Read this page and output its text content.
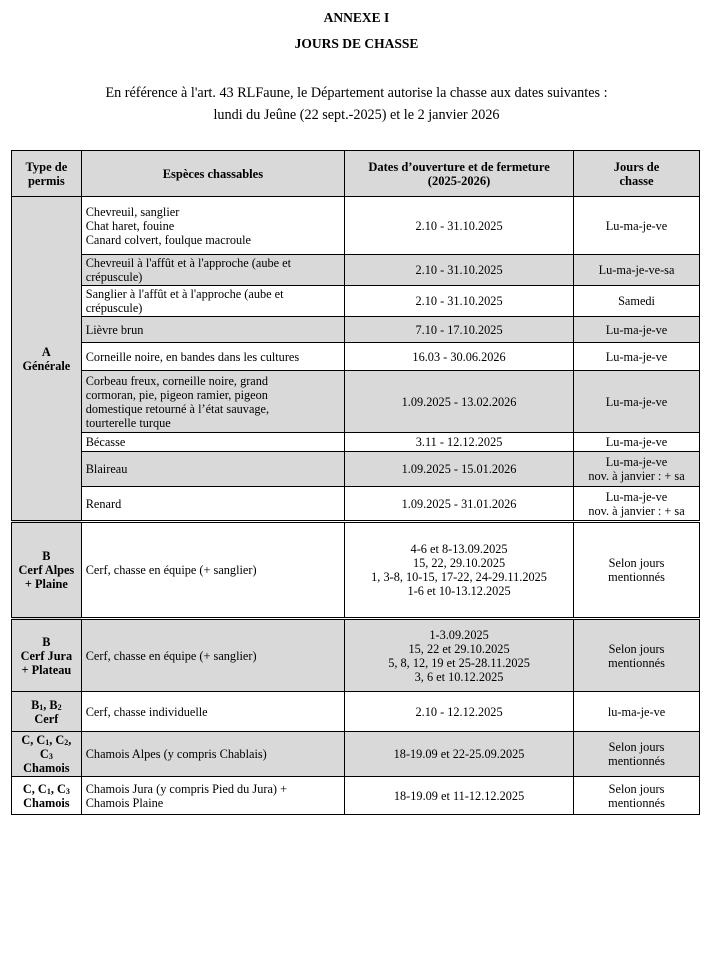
ANNEXE I

JOURS DE CHASSE

En référence à l'art. 43 RLFaune, le Département autorise la chasse aux dates suivantes :
lundi du Jeûne (22 sept.-2025) et le 2 janvier 2026
Type de
permis	Espèces chassables	Dates d’ouverture et de fermeture
(2025-2026)	Jours de
chasse

A
Générale	Chevreuil, sanglier
Chat haret, fouine
Canard colvert, foulque macroule	2.10 - 31.10.2025	Lu-ma-je-ve

	Chevreuil à l'affût et à l'approche (aube et
crépuscule)	2.10 - 31.10.2025	Lu-ma-je-ve-sa

	Sanglier à l'affût et à l'approche (aube et
crépuscule)	2.10 - 31.10.2025	Samedi
	Lièvre brun	7.10 - 17.10.2025	Lu-ma-je-ve
	Corneille noire, en bandes dans les cultures	16.03 - 30.06.2026	Lu-ma-je-ve

	Corbeau freux, corneille noire, grand
cormoran, pie, pigeon ramier, pigeon
domestique retourné à l’état sauvage,
tourterelle turque	1.09.2025 - 13.02.2026	Lu-ma-je-ve
	Bécasse	3.11 - 12.12.2025	Lu-ma-je-ve
	Blaireau	1.09.2025 - 15.01.2026	Lu-ma-je-ve
nov. à janvier : + sa

	Renard	1.09.2025 - 31.01.2026	Lu-ma-je-ve
nov. à janvier : + sa

B
Cerf Alpes
+ Plaine	Cerf, chasse en équipe (+ sanglier)	4-6 et 8-13.09.2025
15, 22, 29.10.2025
1, 3-8, 10-15, 17-22, 24-29.11.2025
1-6 et 10-13.12.2025	Selon jours
mentionnés

B
Cerf Jura
+ Plateau	Cerf, chasse en équipe (+ sanglier)	1-3.09.2025
15, 22 et 29.10.2025
5, 8, 12, 19 et 25-28.11.2025
3, 6 et 10.12.2025	Selon jours
mentionnés

$B_1$, $B_2$
Cerf	Cerf, chasse individuelle	2.10 - 12.12.2025	lu-ma-je-ve

C, $C_1$, $C_2$, $C_3$
Chamois	Chamois Alpes (y compris Chablais)	18-19.09 et 22-25.09.2025	Selon jours
mentionnés

C, $C_1$, $C_3$
Chamois	Chamois Jura (y compris Pied du Jura) +
Chamois Plaine	18-19.09 et 11-12.12.2025	Selon jours
mentionnés
